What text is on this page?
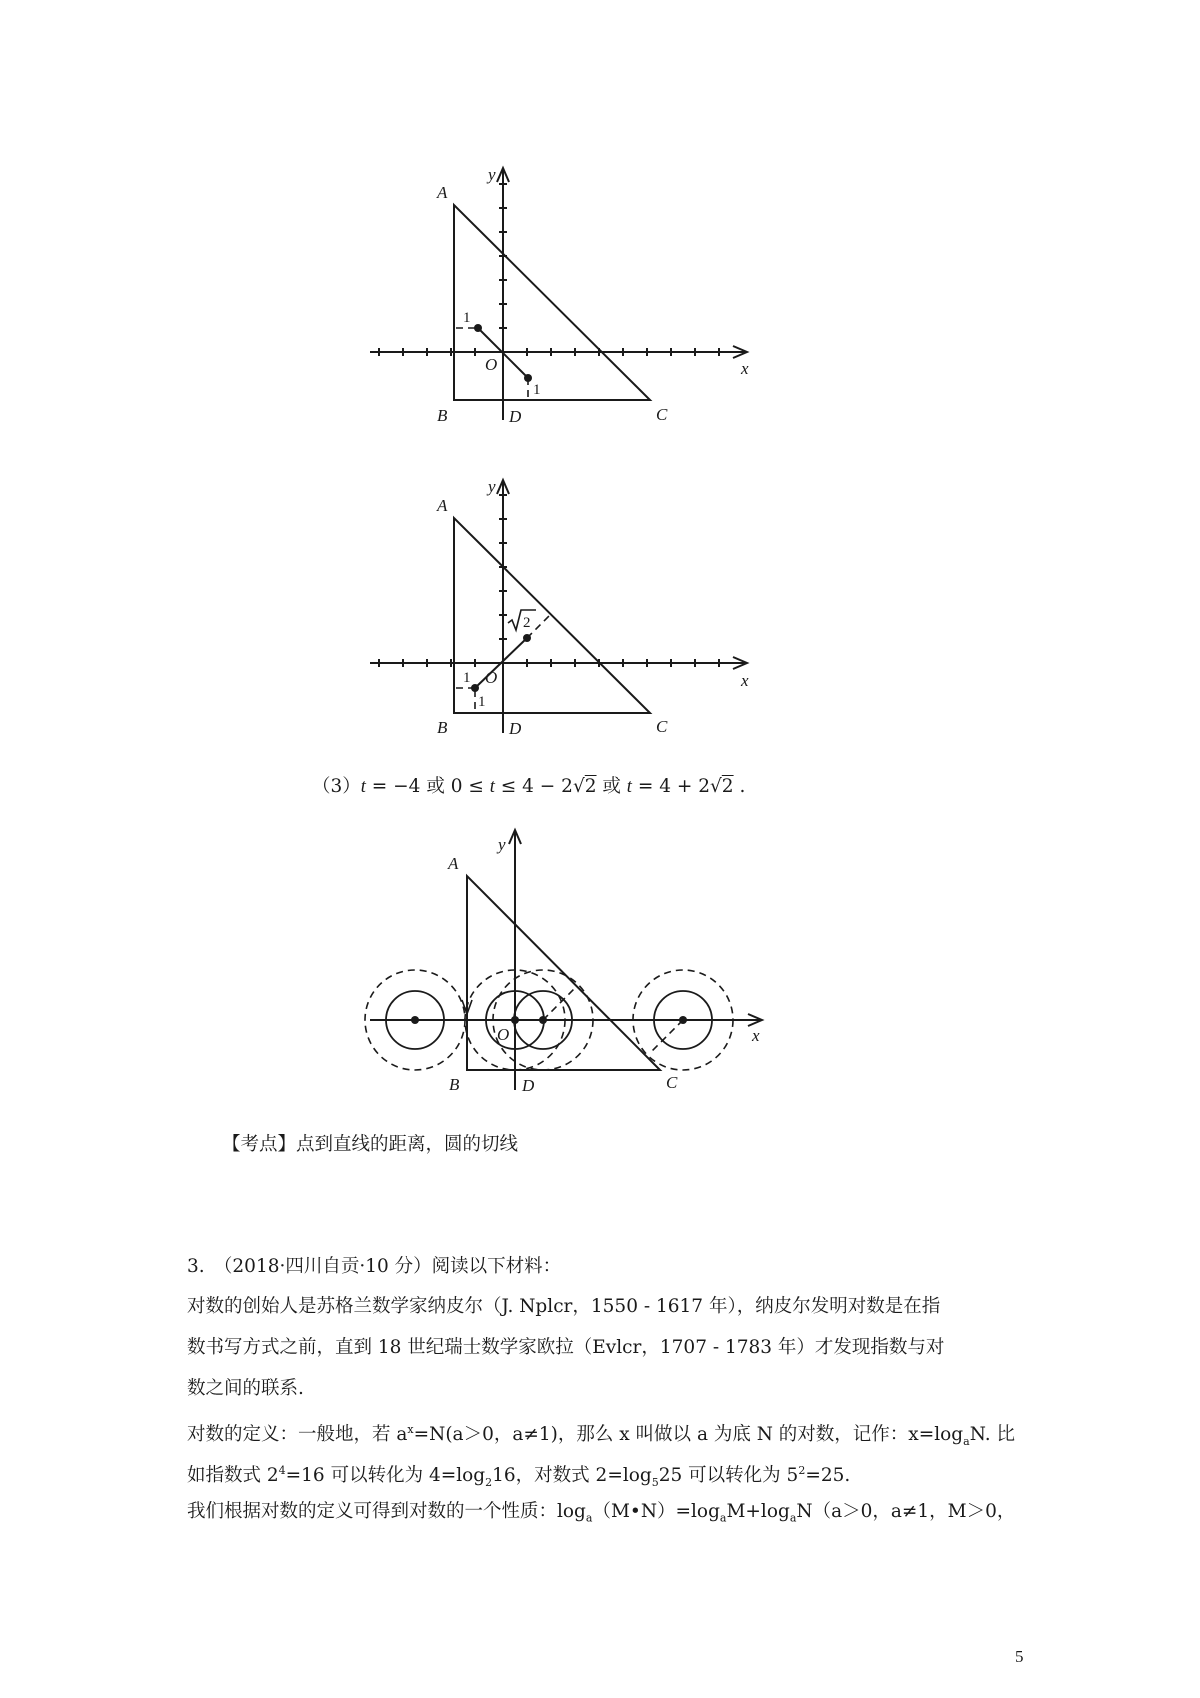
A
B	C
D
O	x
y
1
1
2
A
B	C
D
O	x
y
1
1

（3）t = −4 或 0 ≤ t ≤ 4 − 2√2 或 t = 4 + 2√2 .

A
B	C
D
O	x
y

【考点】点到直线的距离，圆的切线

3.　（2018·四川自贡·10 分）阅读以下材料：

对数的创始人是苏格兰数学家纳皮尔（J. Nplcr，1550 - 1617 年），纳皮尔发明对数是在指

数书写方式之前，直到 18 世纪瑞士数学家欧拉（Evlcr，1707 - 1783 年）才发现指数与对

数之间的联系.

对数的定义：一般地，若 $a^x=N(a>0$，a≠1)，那么 x 叫做以 a 为底 N 的对数，记作：$x=\log_aN$. 比

如指数式 $2^4=16$ 可以转化为 $4=\log_216$，对数式 $2=\log_525$ 可以转化为 $5^2=25$.

我们根据对数的定义可得到对数的一个性质：$\log_a(M•N)=\log_aM+\log_aN(a>0$，a≠1，M＞0，

5
